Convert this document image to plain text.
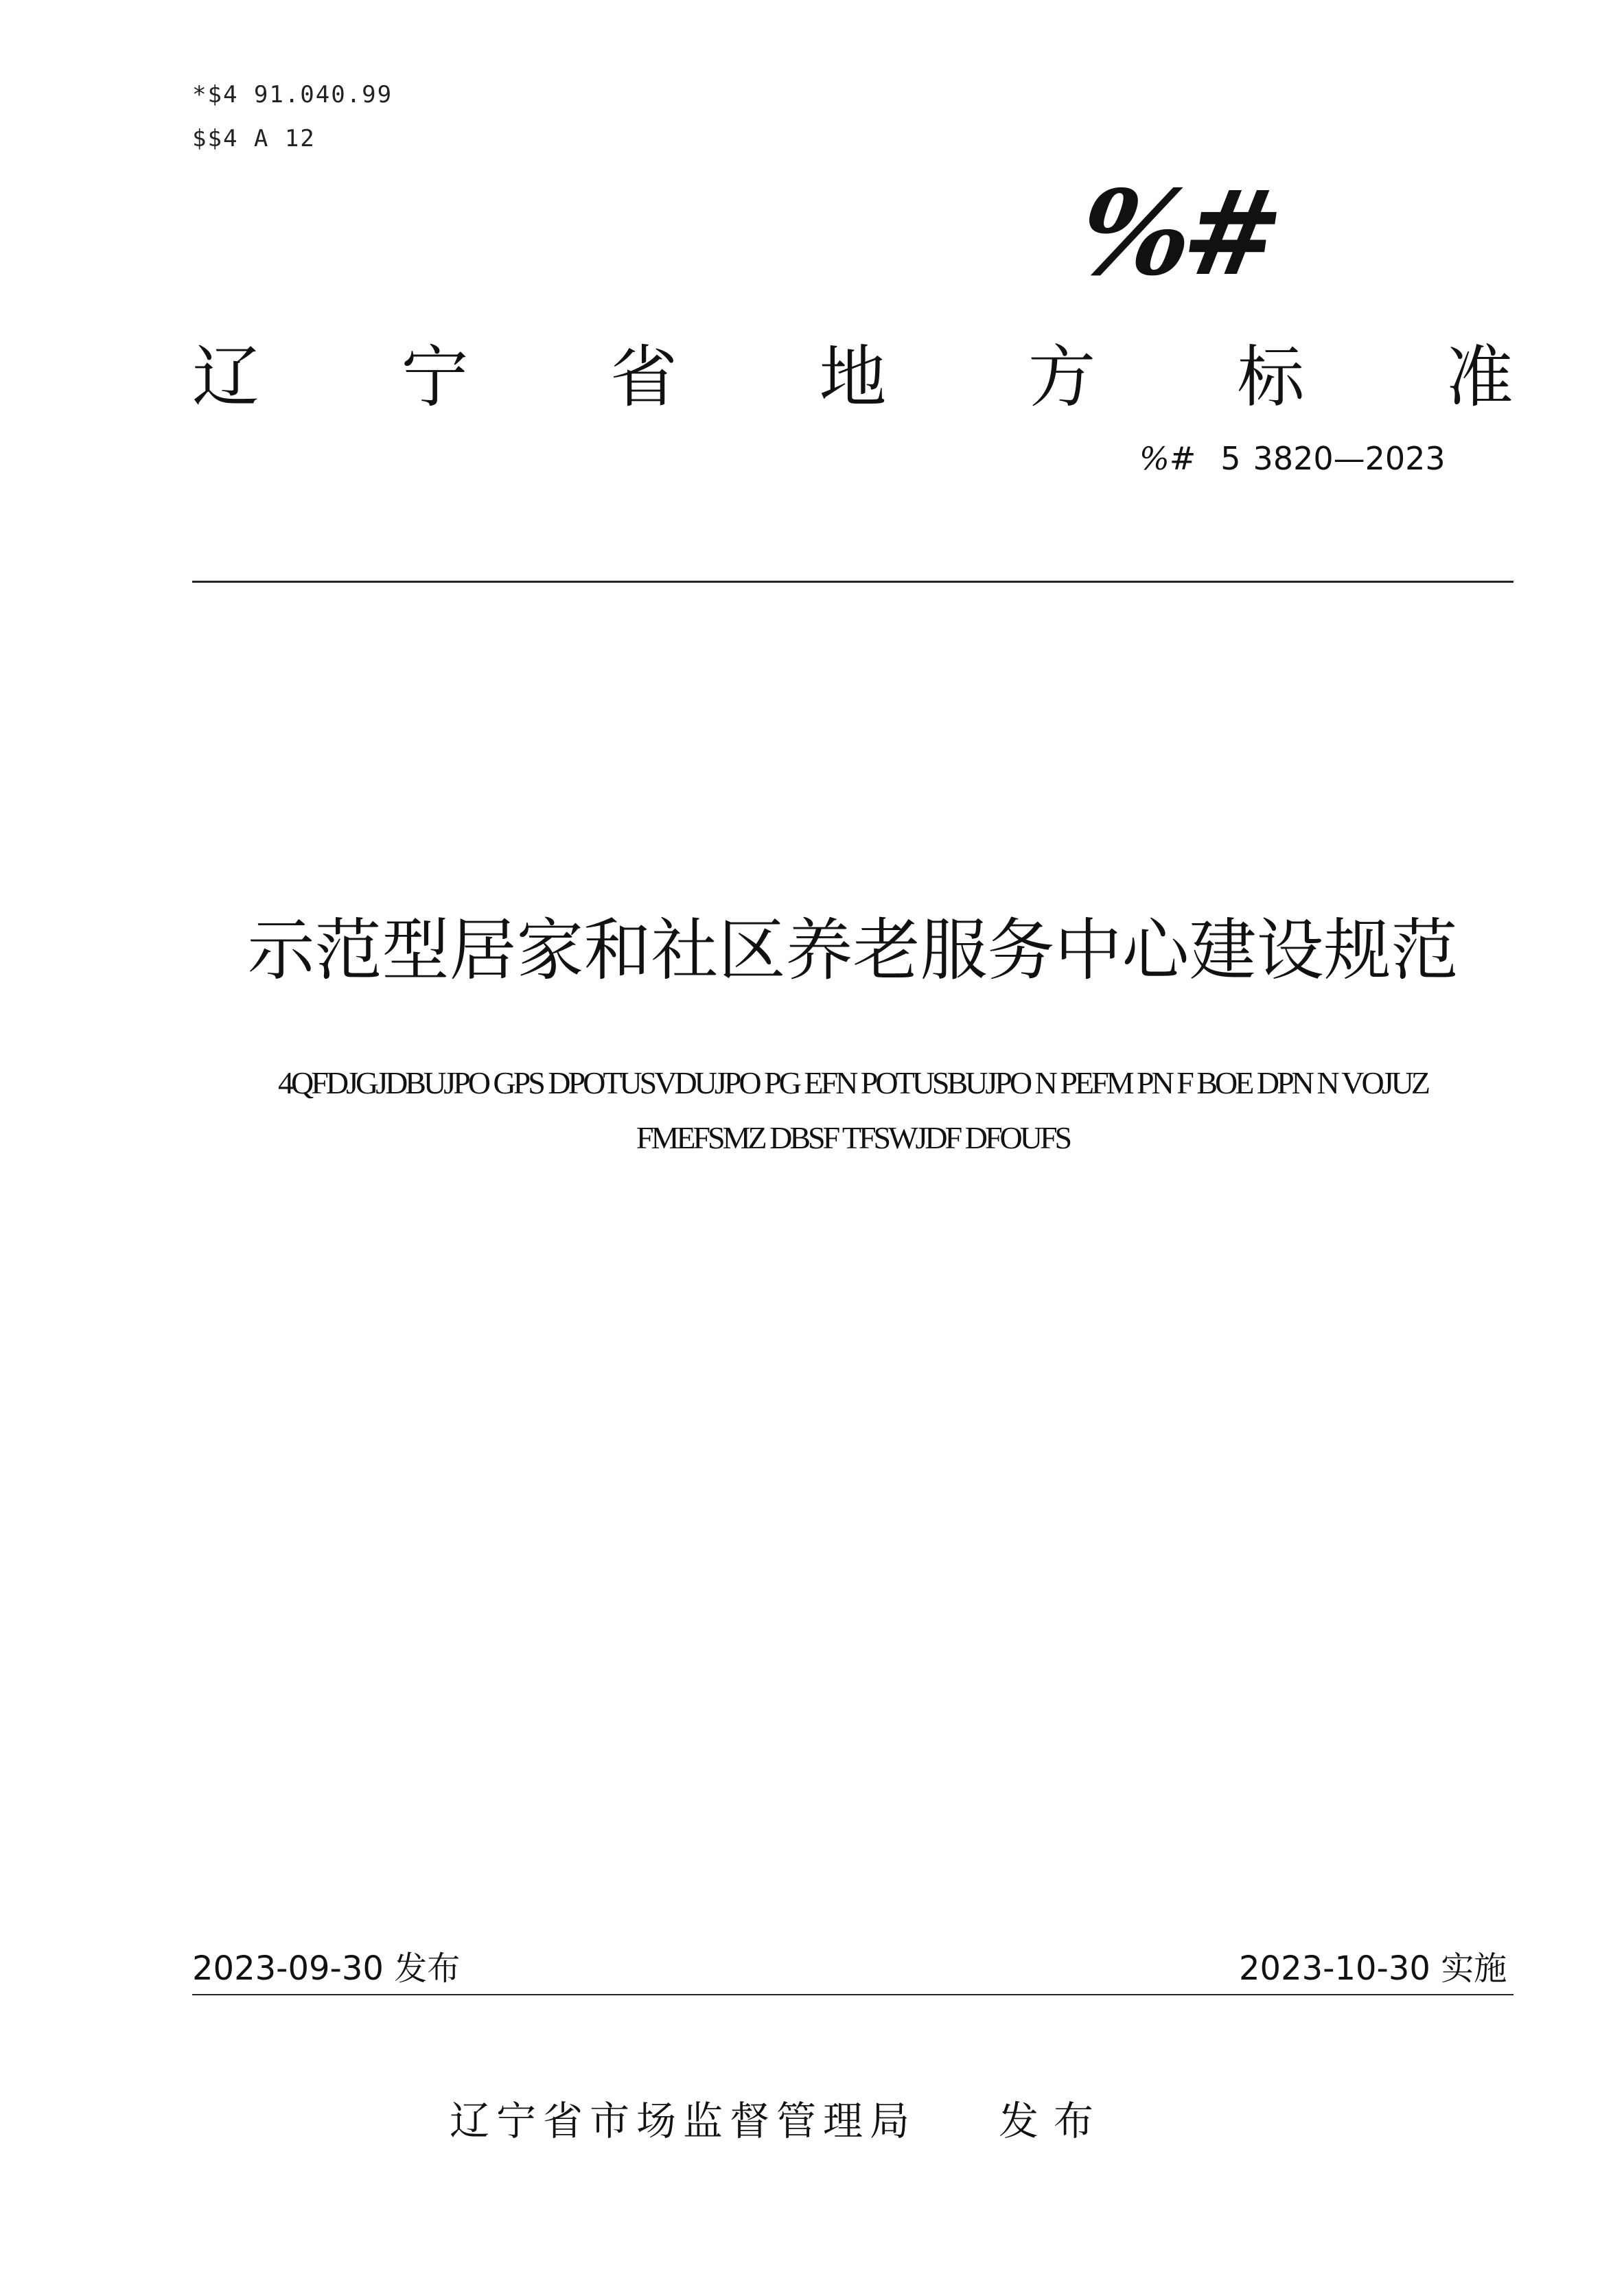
*$4 91.040.99
$$4 A 12
%#
辽 宁 省 地 方 标 准
%# 5 3820—2023
示范型居家和社区养老服务中心建设规范
4QFDJGJDBUJPO GPS DPOTUSVDUJPO PG EFN POTUSBUJPO N PEFM PN F BOE DPN N VOJUZ
FMEFSMZ DBSF TFSWJDF DFOUFS
2023-09-30 发布	2023-10-30 实施
辽宁省市场监督管理局 发布
